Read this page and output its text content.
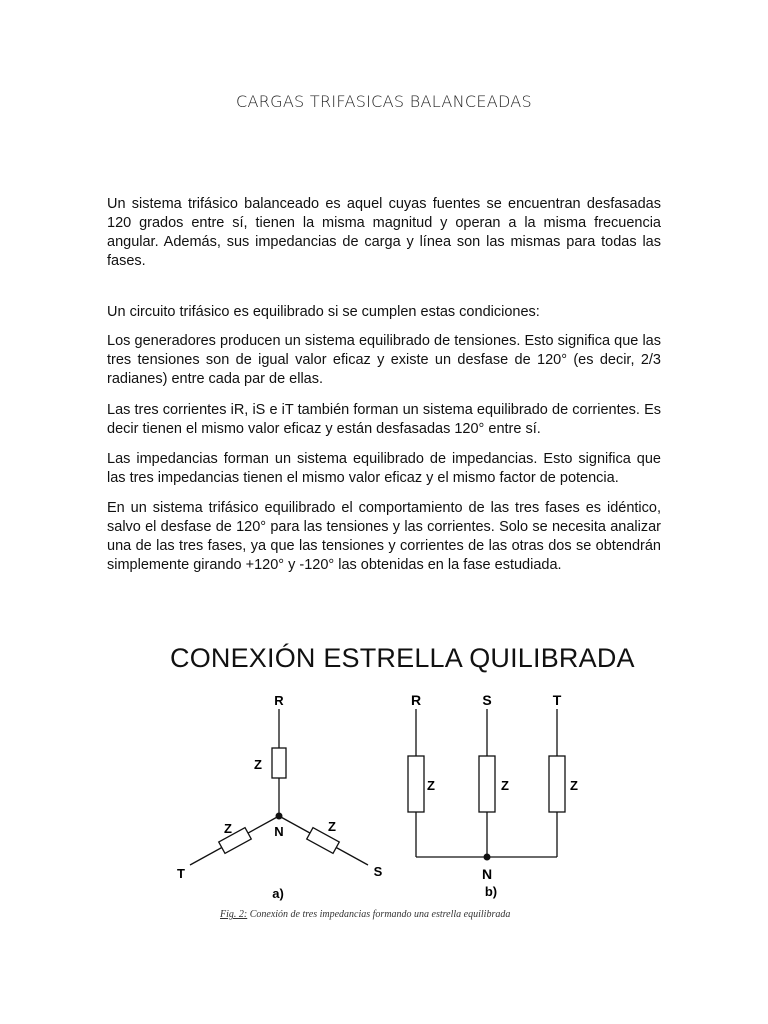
CARGAS TRIFASICAS BALANCEADAS

Un sistema trifásico balanceado es aquel cuyas fuentes se encuentran desfasadas 120 grados entre sí, tienen la misma magnitud y operan a la misma frecuencia angular. Además, sus impedancias de carga y línea son las mismas para todas las fases.

Un circuito trifásico es equilibrado si se cumplen estas condiciones:

Los generadores producen un sistema equilibrado de tensiones. Esto significa que las tres tensiones son de igual valor eficaz y existe un desfase de 120° (es decir, 2/3 radianes) entre cada par de ellas.

Las tres corrientes iR, iS e iT también forman un sistema equilibrado de corrientes. Es decir tienen el mismo valor eficaz y están desfasadas 120° entre sí.

Las impedancias forman un sistema equilibrado de impedancias. Esto significa que las tres impedancias tienen el mismo valor eficaz y el mismo factor de potencia.

En un sistema trifásico equilibrado el comportamiento de las tres fases es idéntico, salvo el desfase de 120° para las tensiones y las corrientes. Solo se necesita analizar una de las tres fases, ya que las tensiones y corrientes de las otras dos se obtendrán simplemente girando +120° y -120° las obtenidas en la fase estudiada.

CONEXIÓN ESTRELLA QUILIBRADA
R
Z
Z	Z
N
T	S
a)
R	S	T
Z	Z	Z
N
b)
Fig. 2: Conexión de tres impedancias formando una estrella equilibrada
